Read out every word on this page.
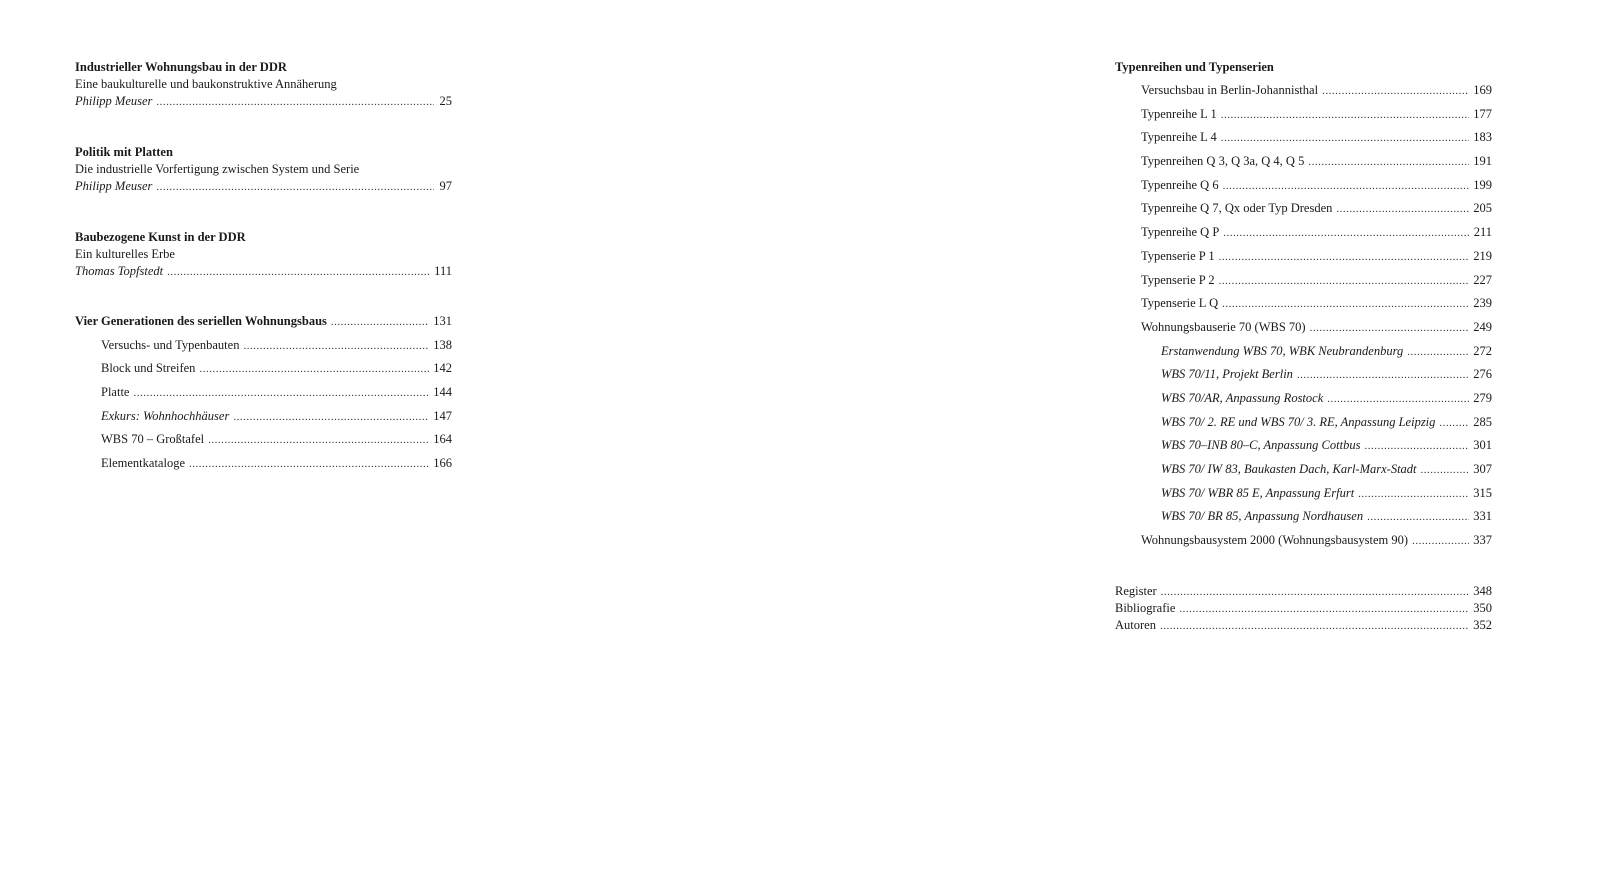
Industrieller Wohnungsbau in der DDR
Eine baukulturelle und baukonstruktive Annäherung
Philipp Meuser .....	25
Politik mit Platten
Die industrielle Vorfertigung zwischen System und Serie
Philipp Meuser .....	97
Baubezogene Kunst in der DDR
Ein kulturelles Erbe
Thomas Topfstedt .....	111
Vier Generationen des seriellen Wohnungsbaus .....	131
Versuchs- und Typenbauten .....	138
Block und Streifen .....	142
Platte .....	144
Exkurs: Wohnhochhäuser .....	147
WBS 70 – Großtafel .....	164
Elementkataloge .....	166
Typenreihen und Typenserien
Versuchsbau in Berlin-Johannisthal .....	169
Typenreihe L 1 .....	177
Typenreihe L 4 .....	183
Typenreihen Q 3, Q 3a, Q 4, Q 5 .....	191
Typenreihe Q 6 .....	199
Typenreihe Q 7, Qx oder Typ Dresden .....	205
Typenreihe Q P .....	211
Typenserie P 1 .....	219
Typenserie P 2 .....	227
Typenserie L Q .....	239
Wohnungsbauserie 70 (WBS 70) .....	249
Erstanwendung WBS 70, WBK Neubrandenburg .....	272
WBS 70/11, Projekt Berlin .....	276
WBS 70/AR, Anpassung Rostock .....	279
WBS 70/ 2. RE und WBS 70/ 3. RE, Anpassung Leipzig .....	285
WBS 70–INB 80–C, Anpassung Cottbus .....	301
WBS 70/ IW 83, Baukasten Dach, Karl-Marx-Stadt .....	307
WBS 70/ WBR 85 E, Anpassung Erfurt .....	315
WBS 70/ BR 85, Anpassung Nordhausen .....	331
Wohnungsbausystem 2000 (Wohnungsbausystem 90) .....	337
Register .....	348
Bibliografie .....	350
Autoren .....	352
